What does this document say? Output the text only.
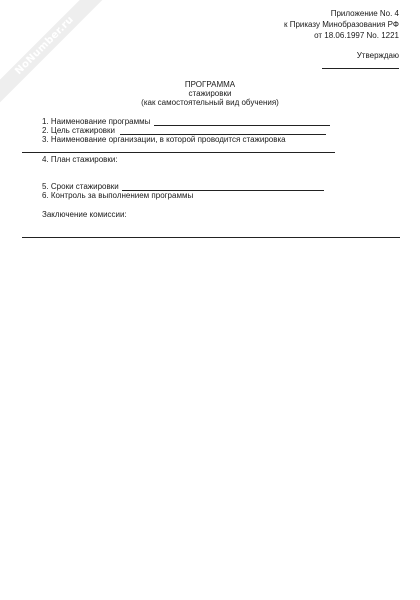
NoNumber.ru
Приложение No. 4
к Приказу Минобразования РФ
от 18.06.1997 No. 1221
Утверждаю
ПРОГРАММА
стажировки
(как самостоятельный вид обучения)
1. Наименование программы
2. Цель стажировки
3. Наименование организации, в которой проводится стажировка
4. План стажировки:
5. Сроки стажировки
6. Контроль за выполнением программы
Заключение комиссии:
